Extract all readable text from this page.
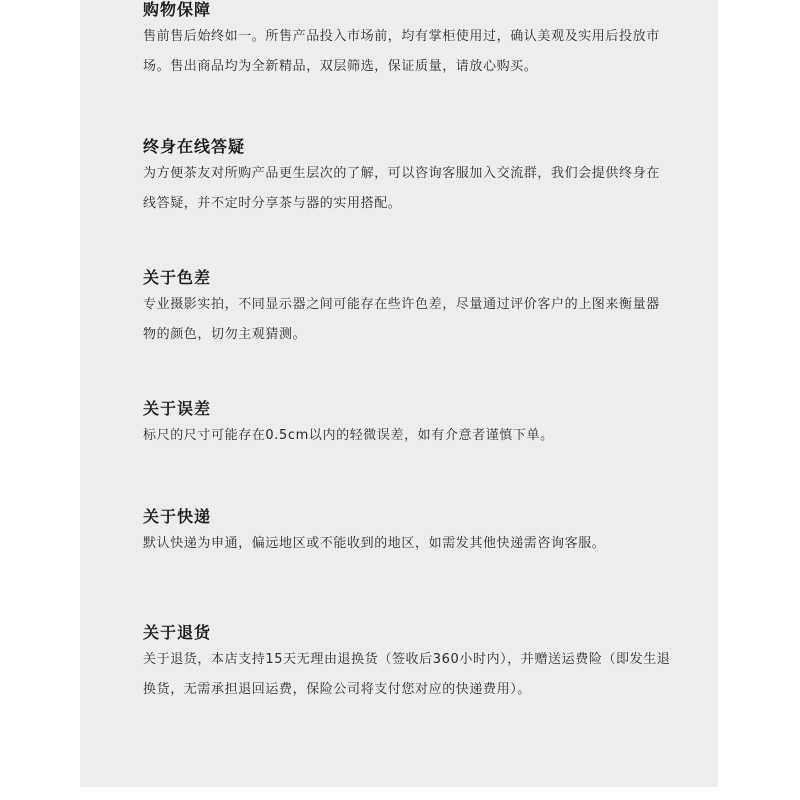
购物保障

售前售后始终如一。所售产品投入市场前，均有掌柜使用过，确认美观及实用后投放市场。售出商品均为全新精品，双层筛选，保证质量，请放心购买。

终身在线答疑

为方便茶友对所购产品更生层次的了解，可以咨询客服加入交流群，我们会提供终身在线答疑，并不定时分享茶与器的实用搭配。

关于色差

专业摄影实拍，不同显示器之间可能存在些许色差，尽量通过评价客户的上图来衡量器物的颜色，切勿主观猜测。

关于误差

标尺的尺寸可能存在0.5cm以内的轻微误差，如有介意者谨慎下单。

关于快递

默认快递为申通，偏远地区或不能收到的地区，如需发其他快递需咨询客服。

关于退货

关于退货，本店支持15天无理由退换货（签收后360小时内），并赠送运费险（即发生退换货，无需承担退回运费，保险公司将支付您对应的快递费用）。
